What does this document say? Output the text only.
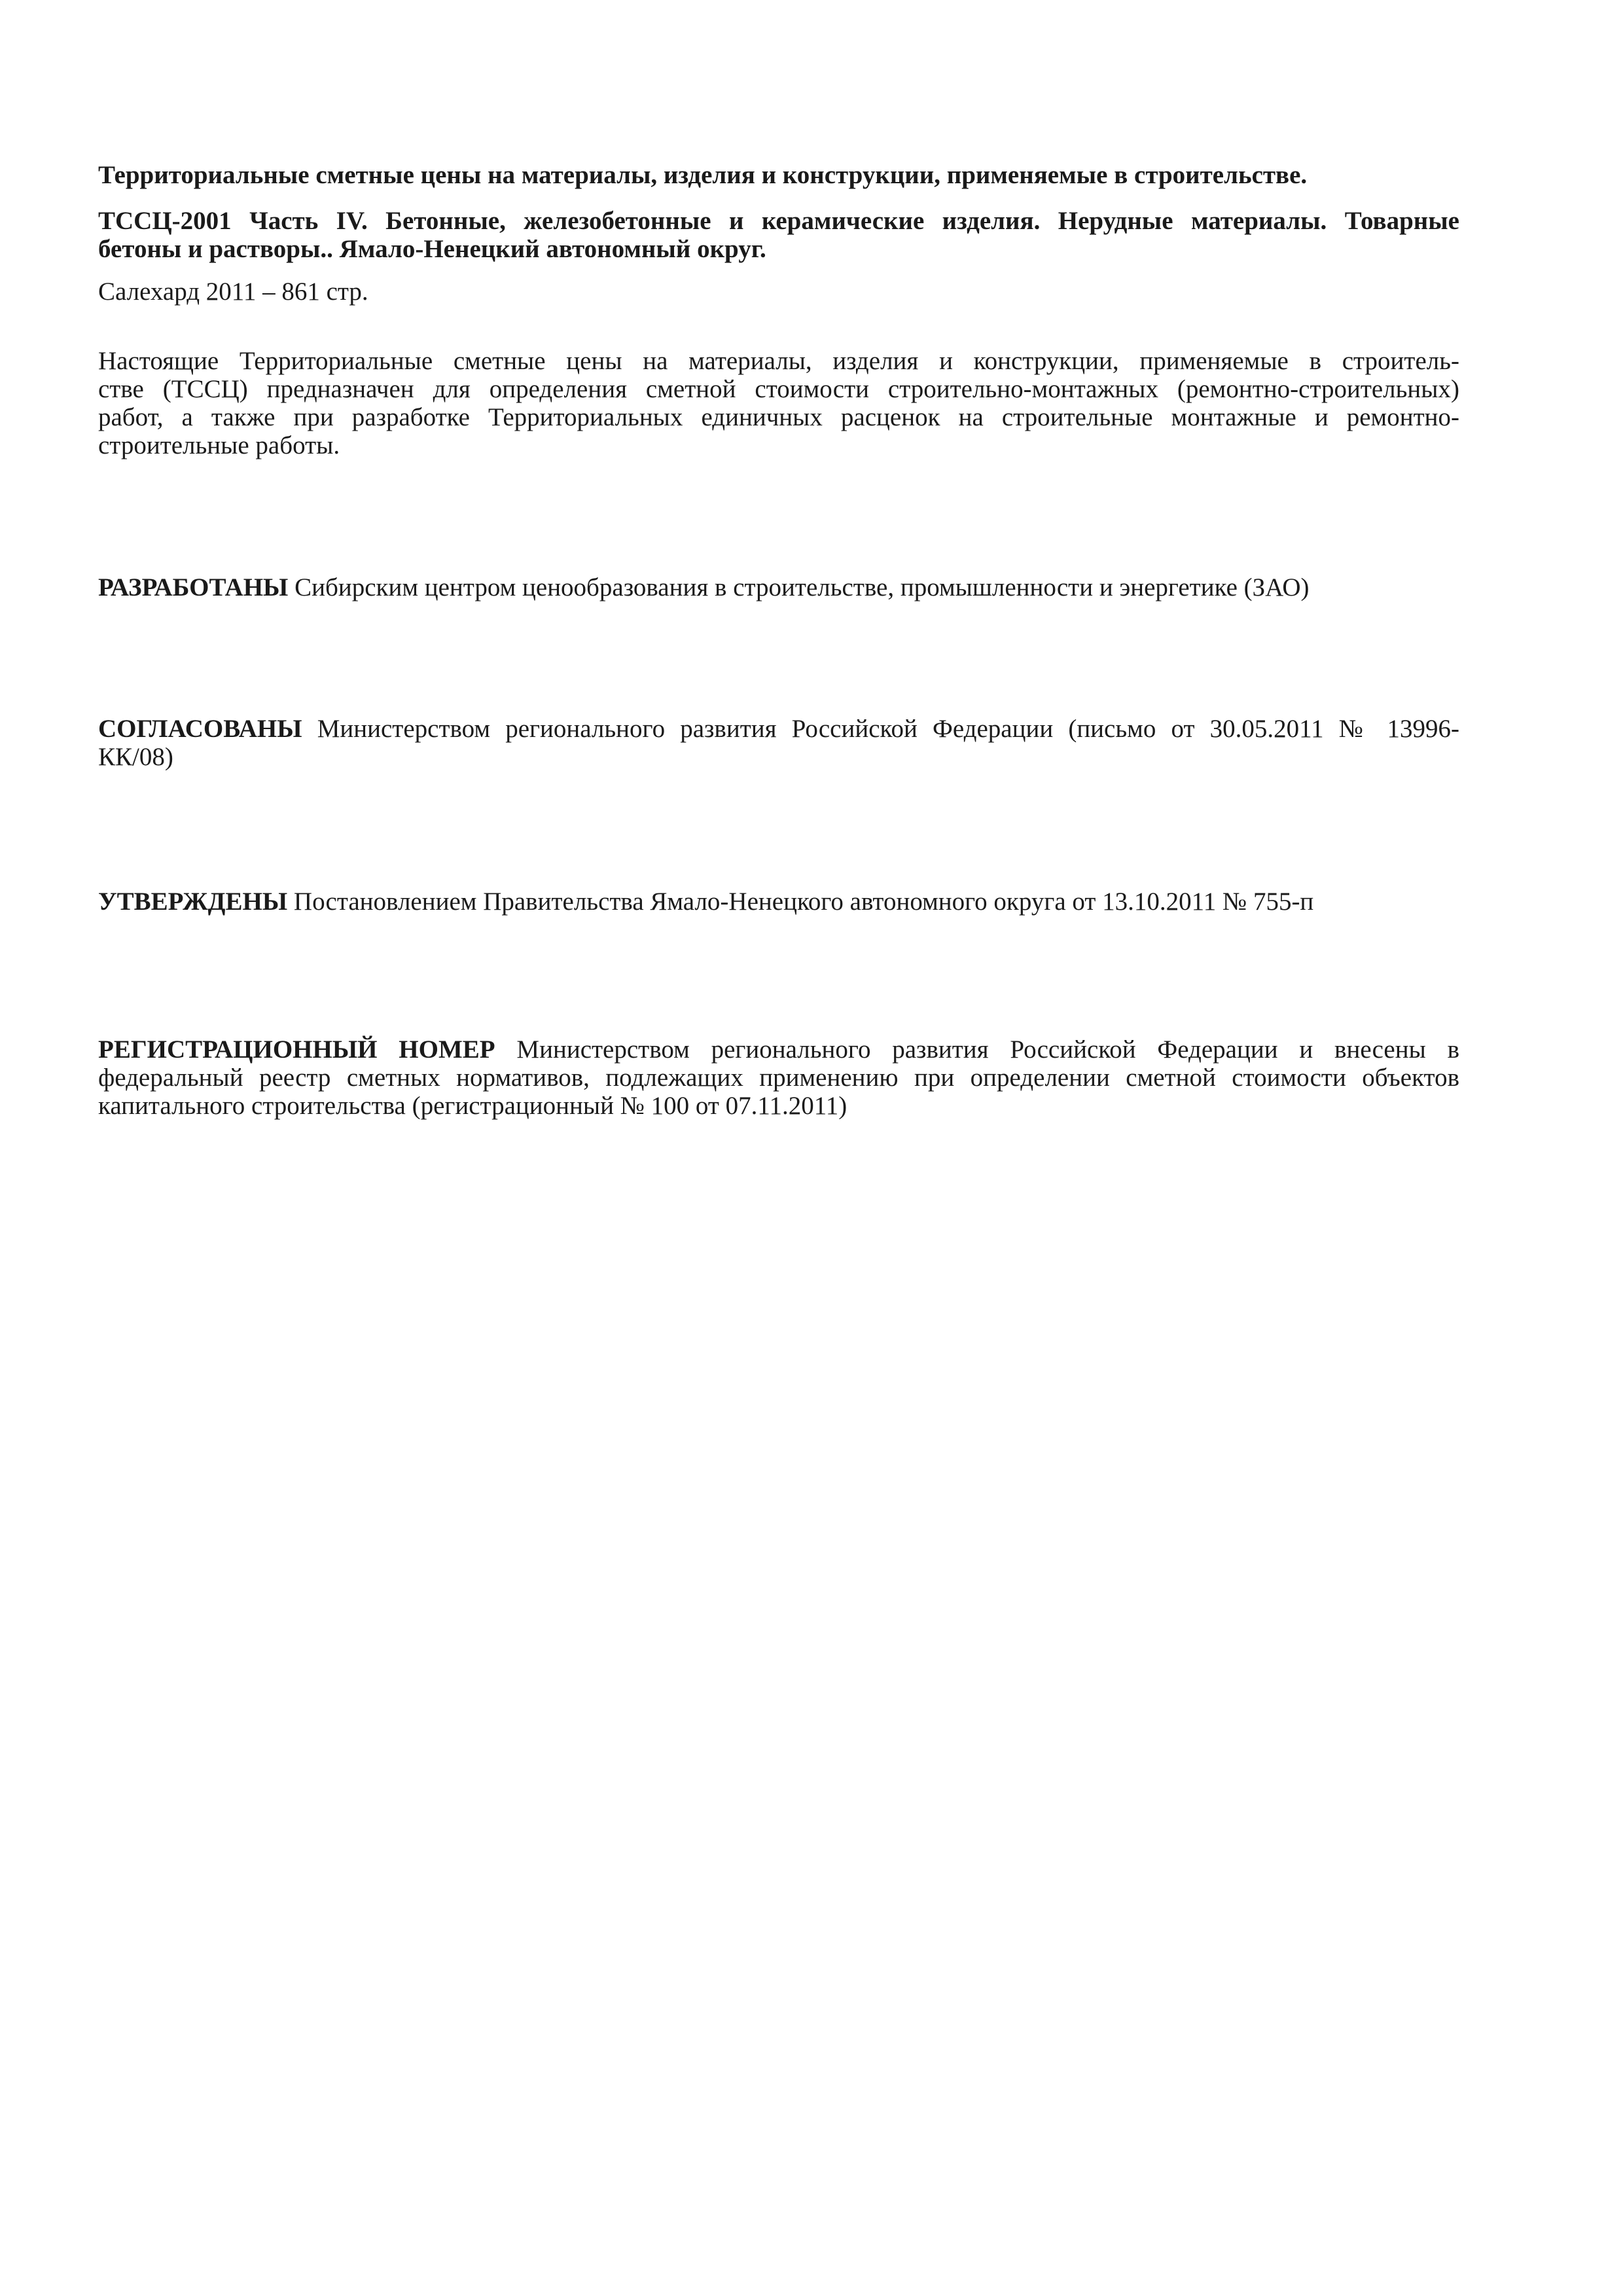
Территориальные сметные цены на материалы, изделия и конструкции, применяемые в строительстве.
ТССЦ-2001 Часть IV. Бетонные, железобетонные и керамические изделия. Нерудные материалы. Товарные
бетоны и растворы.. Ямало-Ненецкий автономный округ.
Салехард 2011 – 861 стр.
Настоящие Территориальные сметные цены на материалы, изделия и конструкции, применяемые в строитель-
стве (ТССЦ) предназначен для определения сметной стоимости строительно-монтажных (ремонтно-строительных)
работ, а также при разработке Территориальных единичных расценок на строительные монтажные и ремонтно-
строительные работы.
РАЗРАБОТАНЫ Сибирским центром ценообразования в строительстве, промышленности и энергетике (ЗАО)
СОГЛАСОВАНЫ Министерством регионального развития Российской Федерации (письмо от 30.05.2011 № 13996-
КК/08)
УТВЕРЖДЕНЫ Постановлением Правительства Ямало-Ненецкого автономного округа от 13.10.2011 № 755-п
РЕГИСТРАЦИОННЫЙ НОМЕР Министерством регионального развития Российской Федерации и внесены в
федеральный реестр сметных нормативов, подлежащих применению при определении сметной стоимости объектов
капитального строительства (регистрационный № 100 от 07.11.2011)
